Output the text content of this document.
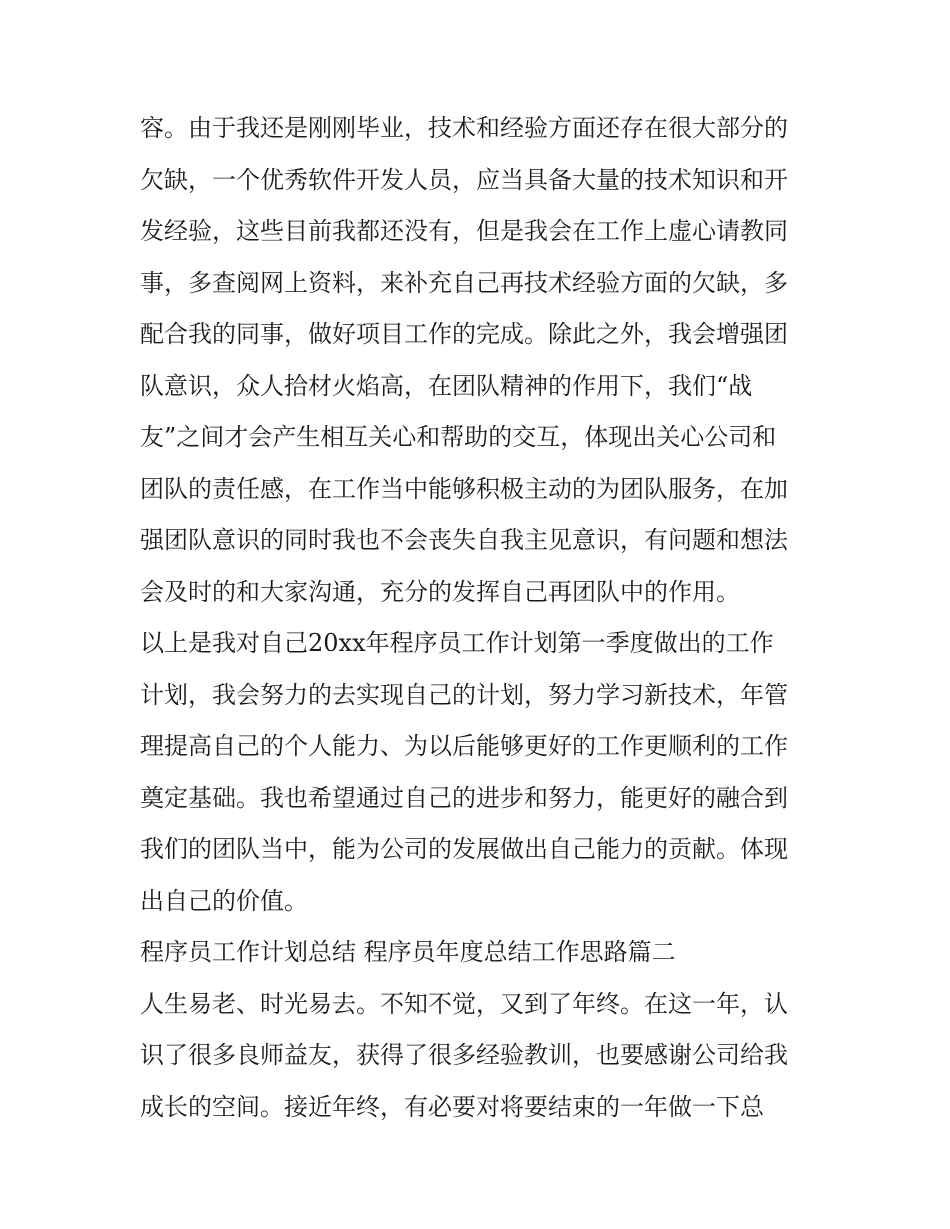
容。由于我还是刚刚毕业，技术和经验方面还存在很大部分的

欠缺，一个优秀软件开发人员，应当具备大量的技术知识和开

发经验，这些目前我都还没有，但是我会在工作上虚心请教同

事，多查阅网上资料，来补充自己再技术经验方面的欠缺，多

配合我的同事，做好项目工作的完成。除此之外，我会增强团

队意识，众人拾材火焰高，在团队精神的作用下，我们“战

友”之间才会产生相互关心和帮助的交互，体现出关心公司和

团队的责任感，在工作当中能够积极主动的为团队服务，在加

强团队意识的同时我也不会丧失自我主见意识，有问题和想法

会及时的和大家沟通，充分的发挥自己再团队中的作用。

以上是我对自己20xx年程序员工作计划第一季度做出的工作

计划，我会努力的去实现自己的计划，努力学习新技术，年管

理提高自己的个人能力、为以后能够更好的工作更顺利的工作

奠定基础。我也希望通过自己的进步和努力，能更好的融合到

我们的团队当中，能为公司的发展做出自己能力的贡献。体现

出自己的价值。

程序员工作计划总结 程序员年度总结工作思路篇二

人生易老、时光易去。不知不觉，又到了年终。在这一年，认

识了很多良师益友，获得了很多经验教训，也要感谢公司给我

成长的空间。接近年终，有必要对将要结束的一年做一下总
